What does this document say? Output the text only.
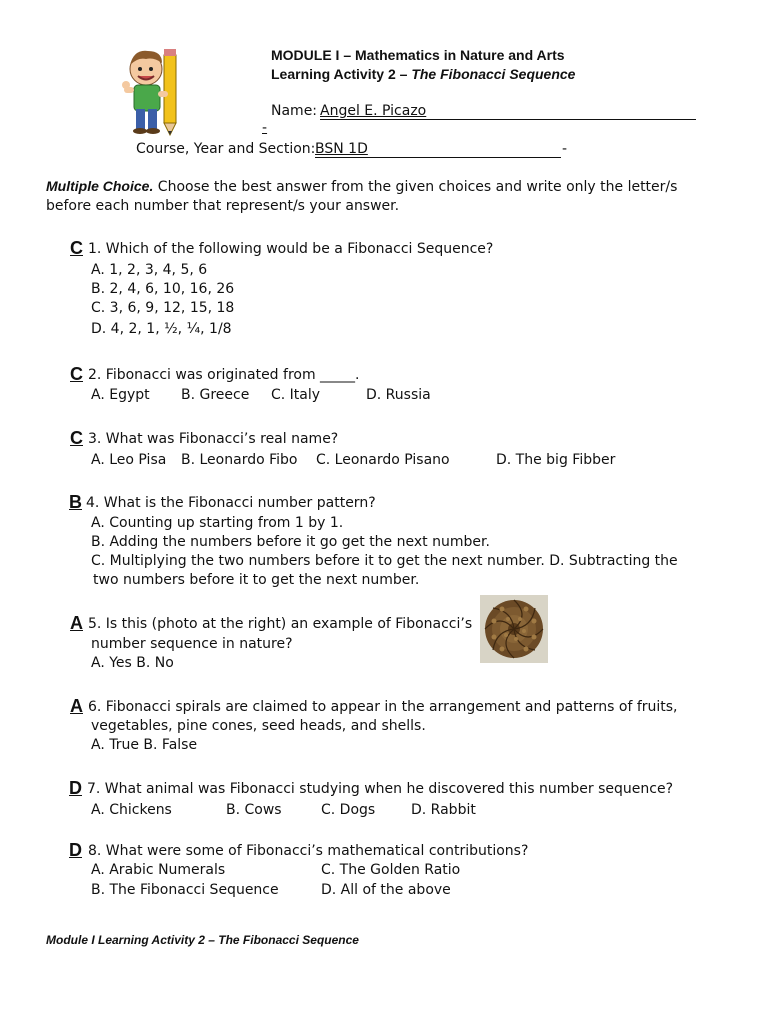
MODULE I – Mathematics in Nature and Arts
Learning Activity 2 – The Fibonacci Sequence
Name: Angel E. Picazo
-
Course, Year and Section: BSN 1D	-
Multiple Choice. Choose the best answer from the given choices and write only the letter/s
before each number that represent/s your answer.
C 1. Which of the following would be a Fibonacci Sequence?
A. 1, 2, 3, 4, 5, 6
B. 2, 4, 6, 10, 16, 26
C. 3, 6, 9, 12, 15, 18
D. 4, 2, 1, ½, ¼, 1/8
C 2. Fibonacci was originated from _____.
A. Egypt B. Greece C. Italy	D. Russia
C 3. What was Fibonacci’s real name?
A. Leo Pisa B. Leonardo Fibo C. Leonardo Pisano	D. The big Fibber
B 4. What is the Fibonacci number pattern?
A. Counting up starting from 1 by 1.
B. Adding the numbers before it go get the next number.
C. Multiplying the two numbers before it to get the next number. D. Subtracting the
two numbers before it to get the next number.
A 5. Is this (photo at the right) an example of Fibonacci’s
number sequence in nature?
A. Yes B. No
A 6. Fibonacci spirals are claimed to appear in the arrangement and patterns of fruits,
vegetables, pine cones, seed heads, and shells.
A. True B. False
D 7. What animal was Fibonacci studying when he discovered this number sequence?
A. Chickens	B. Cows	C. Dogs	D. Rabbit
D 8. What were some of Fibonacci’s mathematical contributions?
A. Arabic Numerals	C. The Golden Ratio
B. The Fibonacci Sequence	D. All of the above
Module I Learning Activity 2 – The Fibonacci Sequence
